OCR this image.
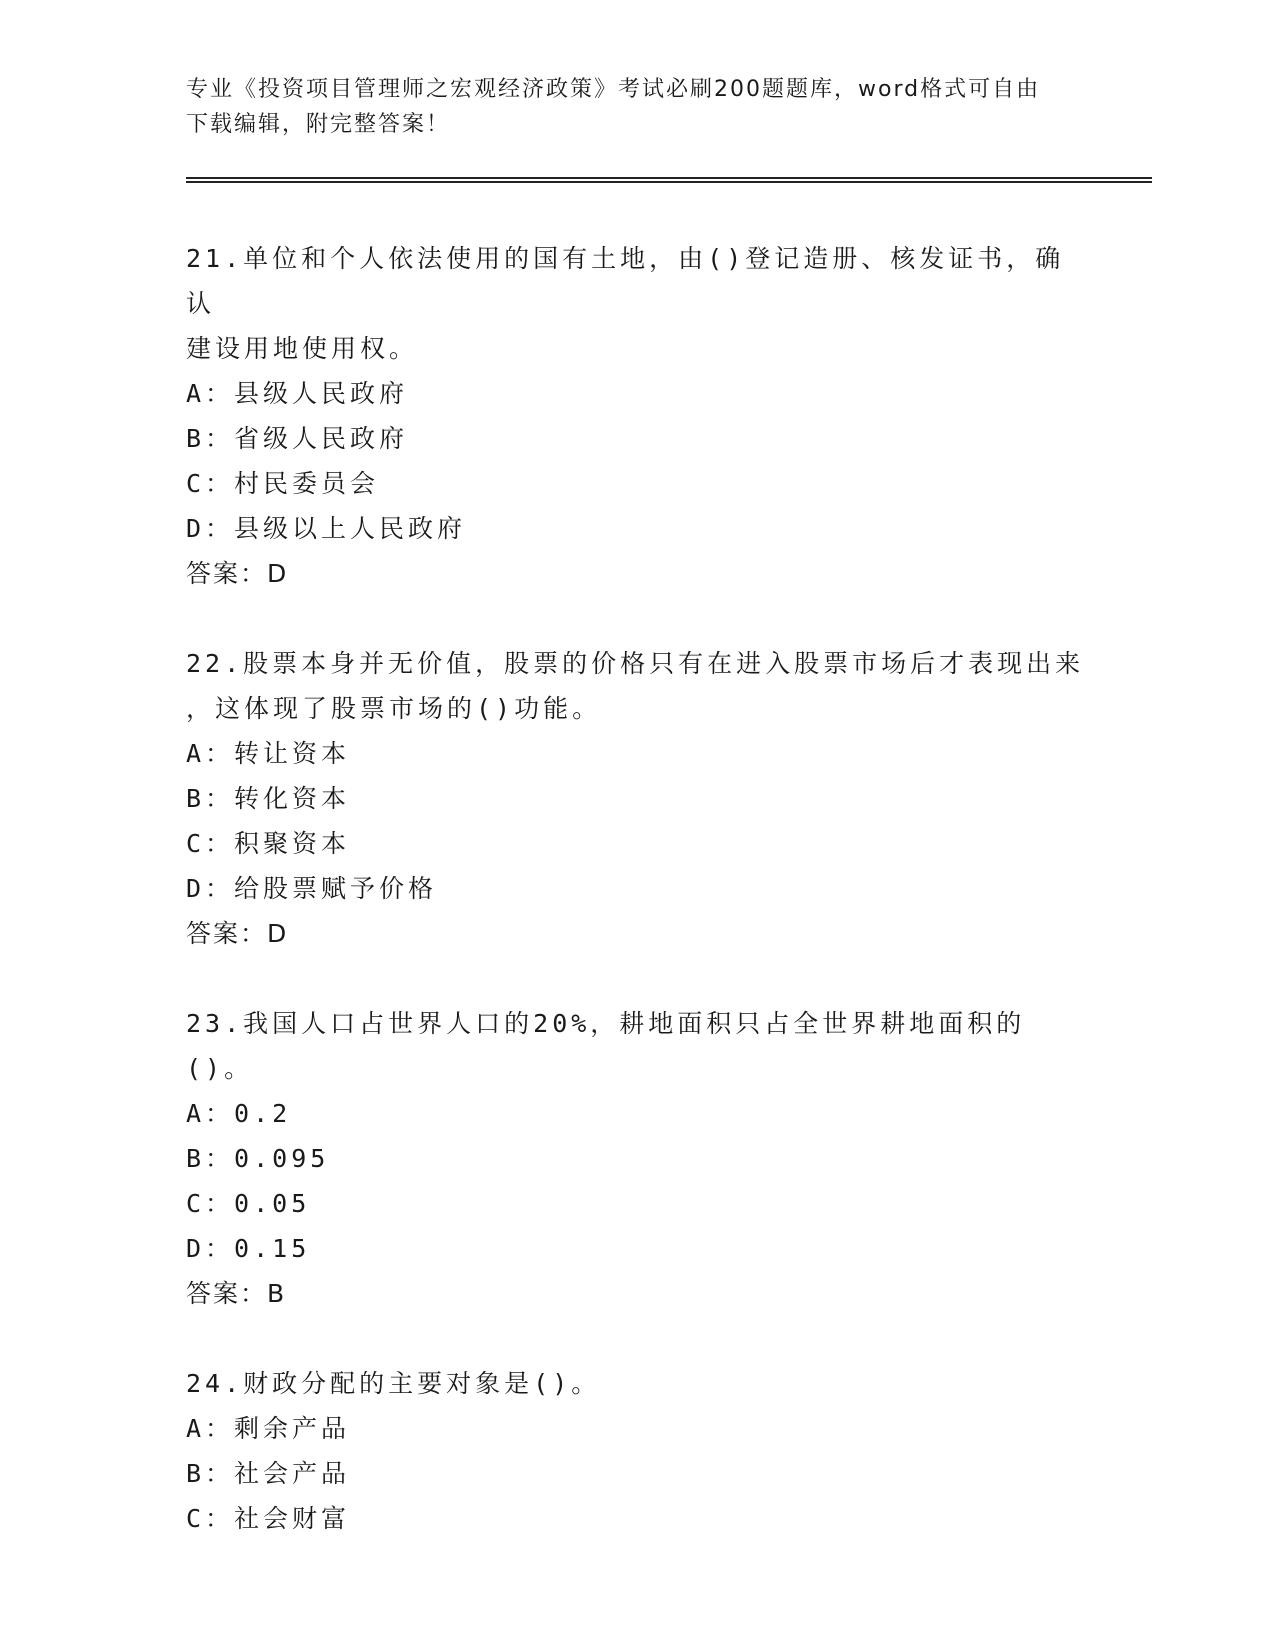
专业《投资项目管理师之宏观经济政策》考试必刷200题题库，word格式可自由
下载编辑，附完整答案！
21.单位和个人依法使用的国有土地，由()登记造册、核发证书，确认
建设用地使用权。
A：县级人民政府
B：省级人民政府
C：村民委员会
D：县级以上人民政府
答案：D
22.股票本身并无价值，股票的价格只有在进入股票市场后才表现出来
，这体现了股票市场的()功能。
A：转让资本
B：转化资本
C：积聚资本
D：给股票赋予价格
答案：D
23.我国人口占世界人口的20%，耕地面积只占全世界耕地面积的()。
A：0.2
B：0.095
C：0.05
D：0.15
答案：B
24.财政分配的主要对象是()。
A：剩余产品
B：社会产品
C：社会财富
